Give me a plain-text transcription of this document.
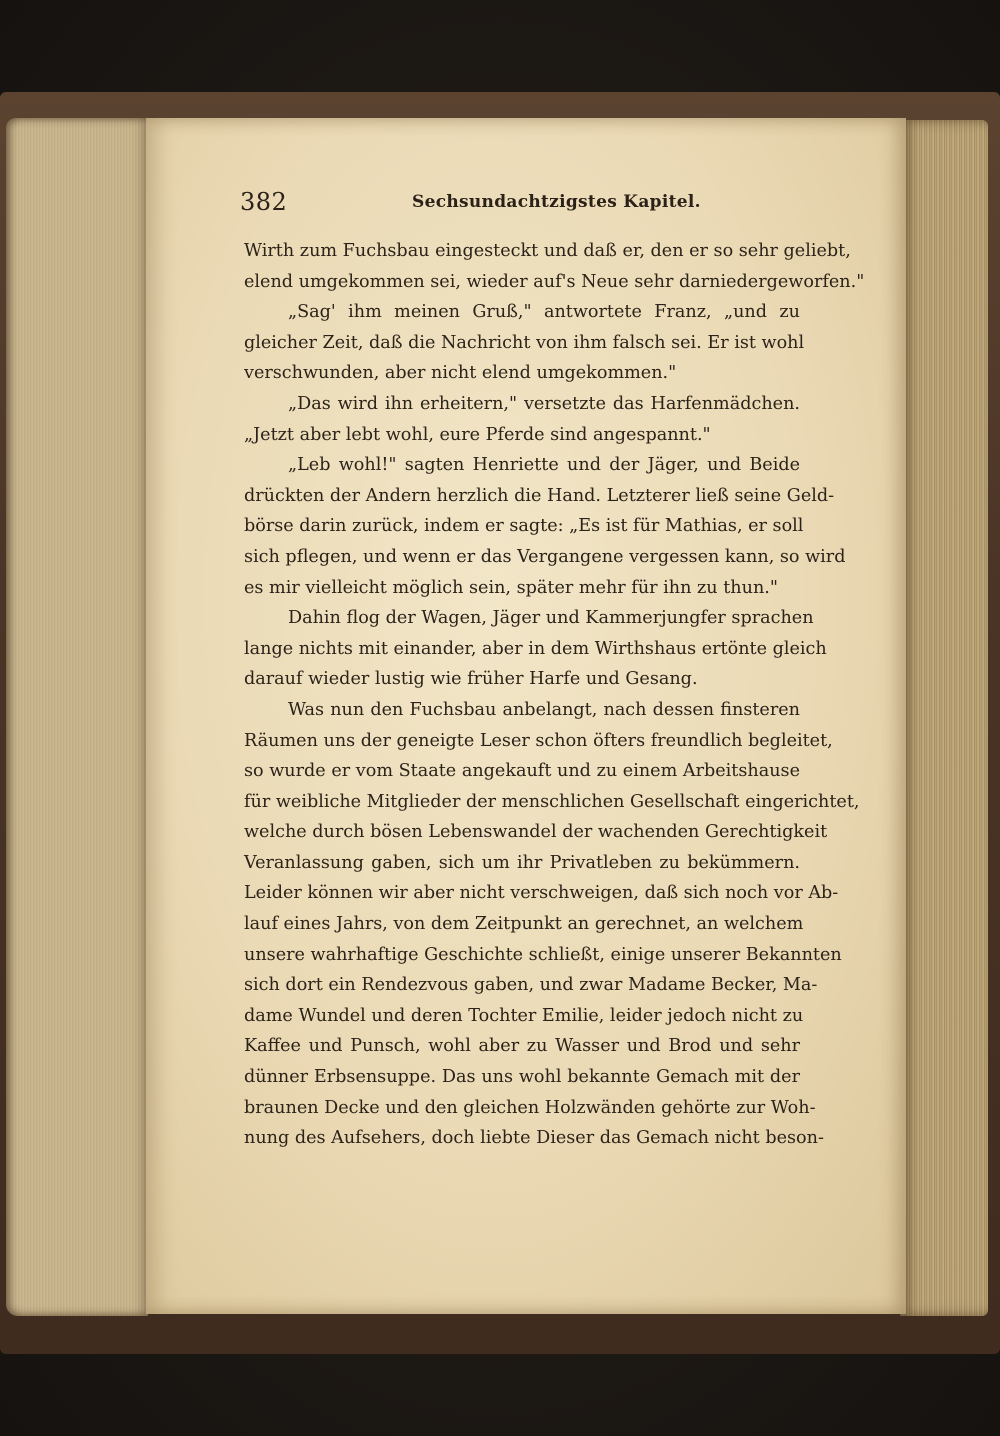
382	Sechsundachtzigstes Kapitel.
Wirth zum Fuchsbau eingesteckt und daß er, den er so sehr geliebt,
elend umgekommen sei, wieder auf's Neue sehr darniedergeworfen."
„Sag' ihm meinen Gruß," antwortete Franz, „und zu
gleicher Zeit, daß die Nachricht von ihm falsch sei. Er ist wohl
verschwunden, aber nicht elend umgekommen."
„Das wird ihn erheitern," versetzte das Harfenmädchen.
„Jetzt aber lebt wohl, eure Pferde sind angespannt."
„Leb wohl!" sagten Henriette und der Jäger, und Beide
drückten der Andern herzlich die Hand. Letzterer ließ seine Geld-
börse darin zurück, indem er sagte: „Es ist für Mathias, er soll
sich pflegen, und wenn er das Vergangene vergessen kann, so wird
es mir vielleicht möglich sein, später mehr für ihn zu thun."
Dahin flog der Wagen, Jäger und Kammerjungfer sprachen
lange nichts mit einander, aber in dem Wirthshaus ertönte gleich
darauf wieder lustig wie früher Harfe und Gesang.
Was nun den Fuchsbau anbelangt, nach dessen finsteren
Räumen uns der geneigte Leser schon öfters freundlich begleitet,
so wurde er vom Staate angekauft und zu einem Arbeitshause
für weibliche Mitglieder der menschlichen Gesellschaft eingerichtet,
welche durch bösen Lebenswandel der wachenden Gerechtigkeit
Veranlassung gaben, sich um ihr Privatleben zu bekümmern.
Leider können wir aber nicht verschweigen, daß sich noch vor Ab-
lauf eines Jahrs, von dem Zeitpunkt an gerechnet, an welchem
unsere wahrhaftige Geschichte schließt, einige unserer Bekannten
sich dort ein Rendezvous gaben, und zwar Madame Becker, Ma-
dame Wundel und deren Tochter Emilie, leider jedoch nicht zu
Kaffee und Punsch, wohl aber zu Wasser und Brod und sehr
dünner Erbsensuppe. Das uns wohl bekannte Gemach mit der
braunen Decke und den gleichen Holzwänden gehörte zur Woh-
nung des Aufsehers, doch liebte Dieser das Gemach nicht beson-
